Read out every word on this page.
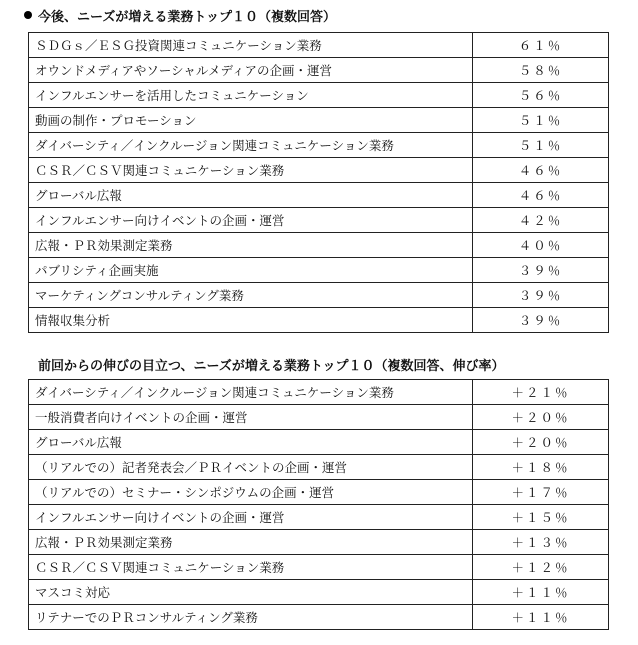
今後、ニーズが増える業務トップ１０（複数回答）
ＳＤＧｓ／ＥＳＧ投資関連コミュニケーション業務	６１％
オウンドメディアやソーシャルメディアの企画・運営	５８％
インフルエンサーを活用したコミュニケーション	５６％
動画の制作・プロモーション	５１％
ダイバーシティ／インクルージョン関連コミュニケーション業務	５１％
ＣＳＲ／ＣＳＶ関連コミュニケーション業務	４６％
グローバル広報	４６％
インフルエンサー向けイベントの企画・運営	４２％
広報・ＰＲ効果測定業務	４０％
パブリシティ企画実施	３９％
マーケティングコンサルティング業務	３９％
情報収集分析	３９％
前回からの伸びの目立つ、ニーズが増える業務トップ１０（複数回答、伸び率）
ダイバーシティ／インクルージョン関連コミュニケーション業務	＋２１％
一般消費者向けイベントの企画・運営	＋２０％
グローバル広報	＋２０％
（リアルでの）記者発表会／ＰＲイベントの企画・運営	＋１８％
（リアルでの）セミナー・シンポジウムの企画・運営	＋１７％
インフルエンサー向けイベントの企画・運営	＋１５％
広報・ＰＲ効果測定業務	＋１３％
ＣＳＲ／ＣＳＶ関連コミュニケーション業務	＋１２％
マスコミ対応	＋１１％
リテナーでのＰＲコンサルティング業務	＋１１％
